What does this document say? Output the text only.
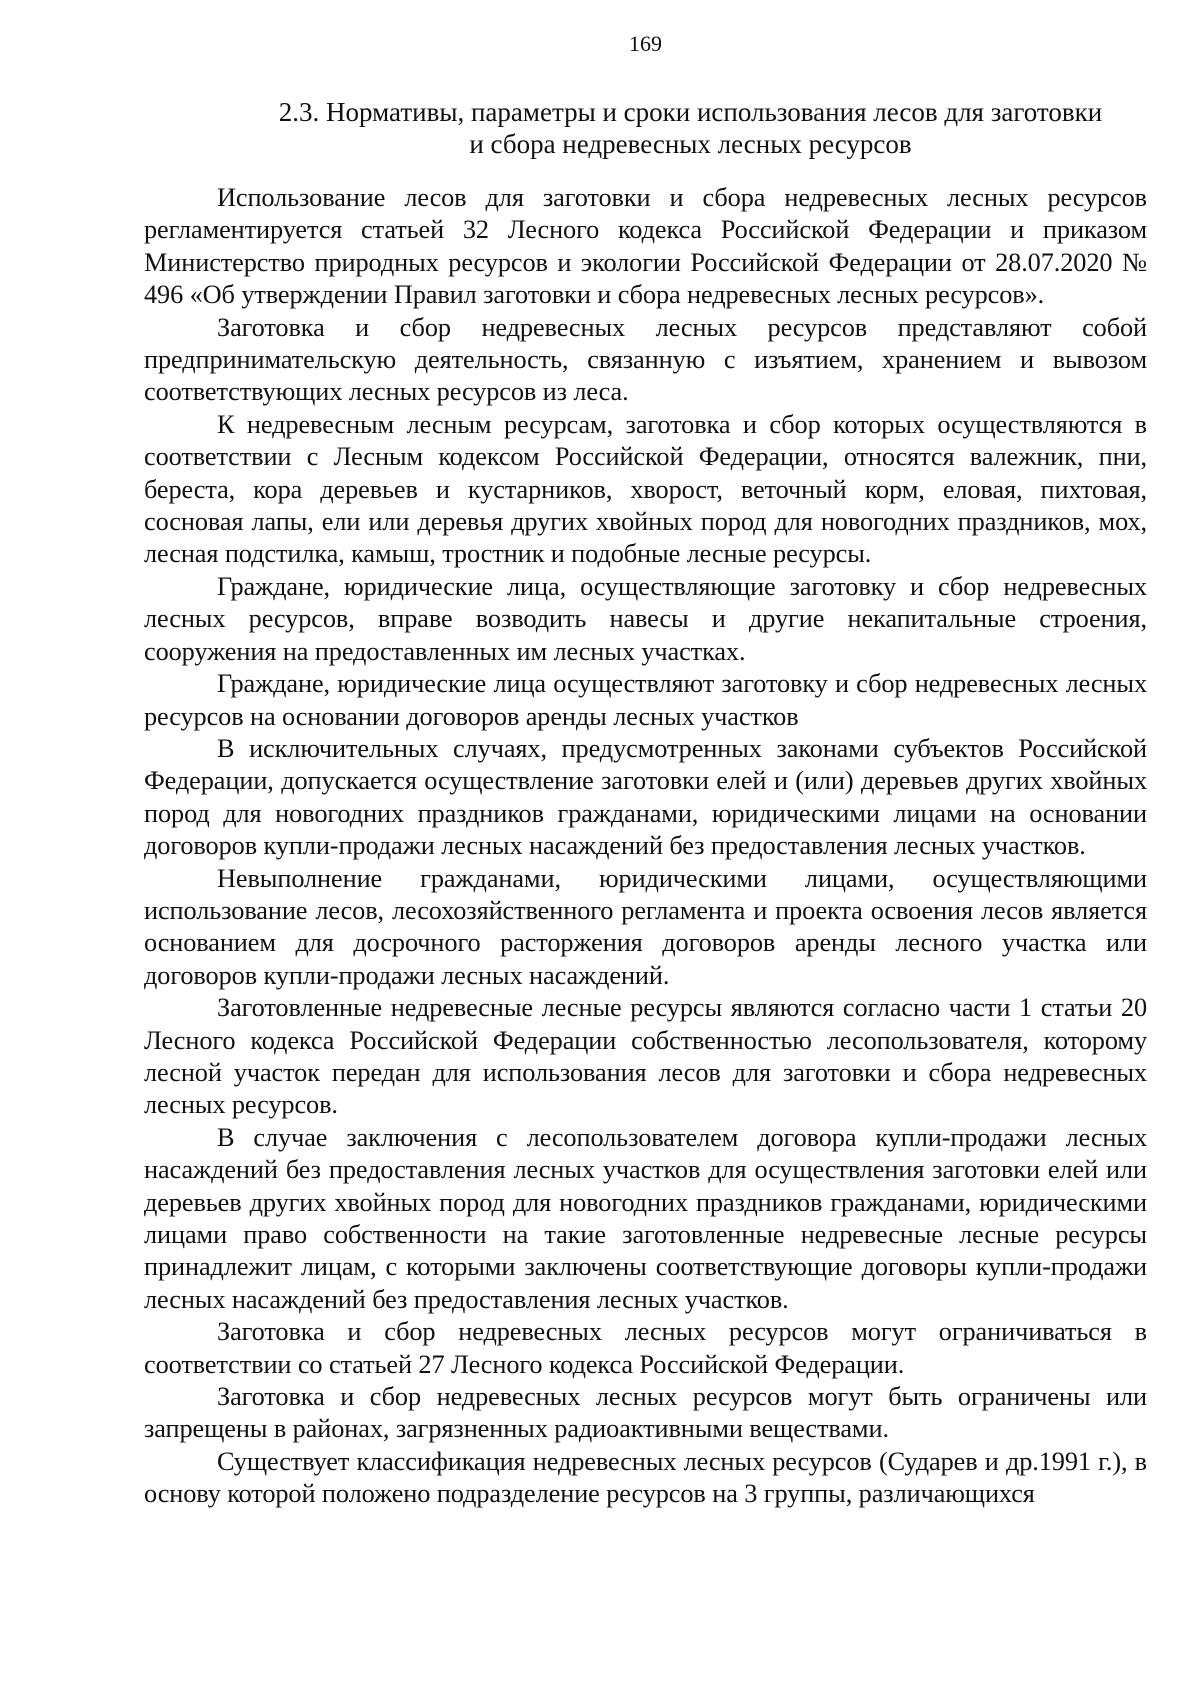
169
2.3. Нормативы, параметры и сроки использования лесов для заготовки
и сбора недревесных лесных ресурсов

Использование лесов для заготовки и сбора недревесных лесных ресурсов регламентируется статьей 32 Лесного кодекса Российской Федерации и приказом Министерство природных ресурсов и экологии Российской Федерации от 28.07.2020 № 496 «Об утверждении Правил заготовки и сбора недревесных лесных ресурсов».

Заготовка и сбор недревесных лесных ресурсов представляют собой предпринимательскую деятельность, связанную с изъятием, хранением и вывозом соответствующих лесных ресурсов из леса.

К недревесным лесным ресурсам, заготовка и сбор которых осуществляются в соответствии с Лесным кодексом Российской Федерации, относятся валежник, пни, береста, кора деревьев и кустарников, хворост, веточный корм, еловая, пихтовая, сосновая лапы, ели или деревья других хвойных пород для новогодних праздников, мох, лесная подстилка, камыш, тростник и подобные лесные ресурсы.

Граждане, юридические лица, осуществляющие заготовку и сбор недревесных лесных ресурсов, вправе возводить навесы и другие некапитальные строения, сооружения на предоставленных им лесных участках.

Граждане, юридические лица осуществляют заготовку и сбор недревесных лесных ресурсов на основании договоров аренды лесных участков

В исключительных случаях, предусмотренных законами субъектов Российской Федерации, допускается осуществление заготовки елей и (или) деревьев других хвойных пород для новогодних праздников гражданами, юридическими лицами на основании договоров купли-продажи лесных насаждений без предоставления лесных участков.

Невыполнение гражданами, юридическими лицами, осуществляющими использование лесов, лесохозяйственного регламента и проекта освоения лесов является основанием для досрочного расторжения договоров аренды лесного участка или договоров купли-продажи лесных насаждений.

Заготовленные недревесные лесные ресурсы являются согласно части 1 статьи 20 Лесного кодекса Российской Федерации собственностью лесопользователя, которому лесной участок передан для использования лесов для заготовки и сбора недревесных лесных ресурсов.

В случае заключения с лесопользователем договора купли-продажи лесных насаждений без предоставления лесных участков для осуществления заготовки елей или деревьев других хвойных пород для новогодних праздников гражданами, юридическими лицами право собственности на такие заготовленные недревесные лесные ресурсы принадлежит лицам, с которыми заключены соответствующие договоры купли-продажи лесных насаждений без предоставления лесных участков.

Заготовка и сбор недревесных лесных ресурсов могут ограничиваться в соответствии со статьей 27 Лесного кодекса Российской Федерации.

Заготовка и сбор недревесных лесных ресурсов могут быть ограничены или запрещены в районах, загрязненных радиоактивными веществами.

Существует классификация недревесных лесных ресурсов (Сударев и др.1991 г.), в основу которой положено подразделение ресурсов на 3 группы, различающихся
